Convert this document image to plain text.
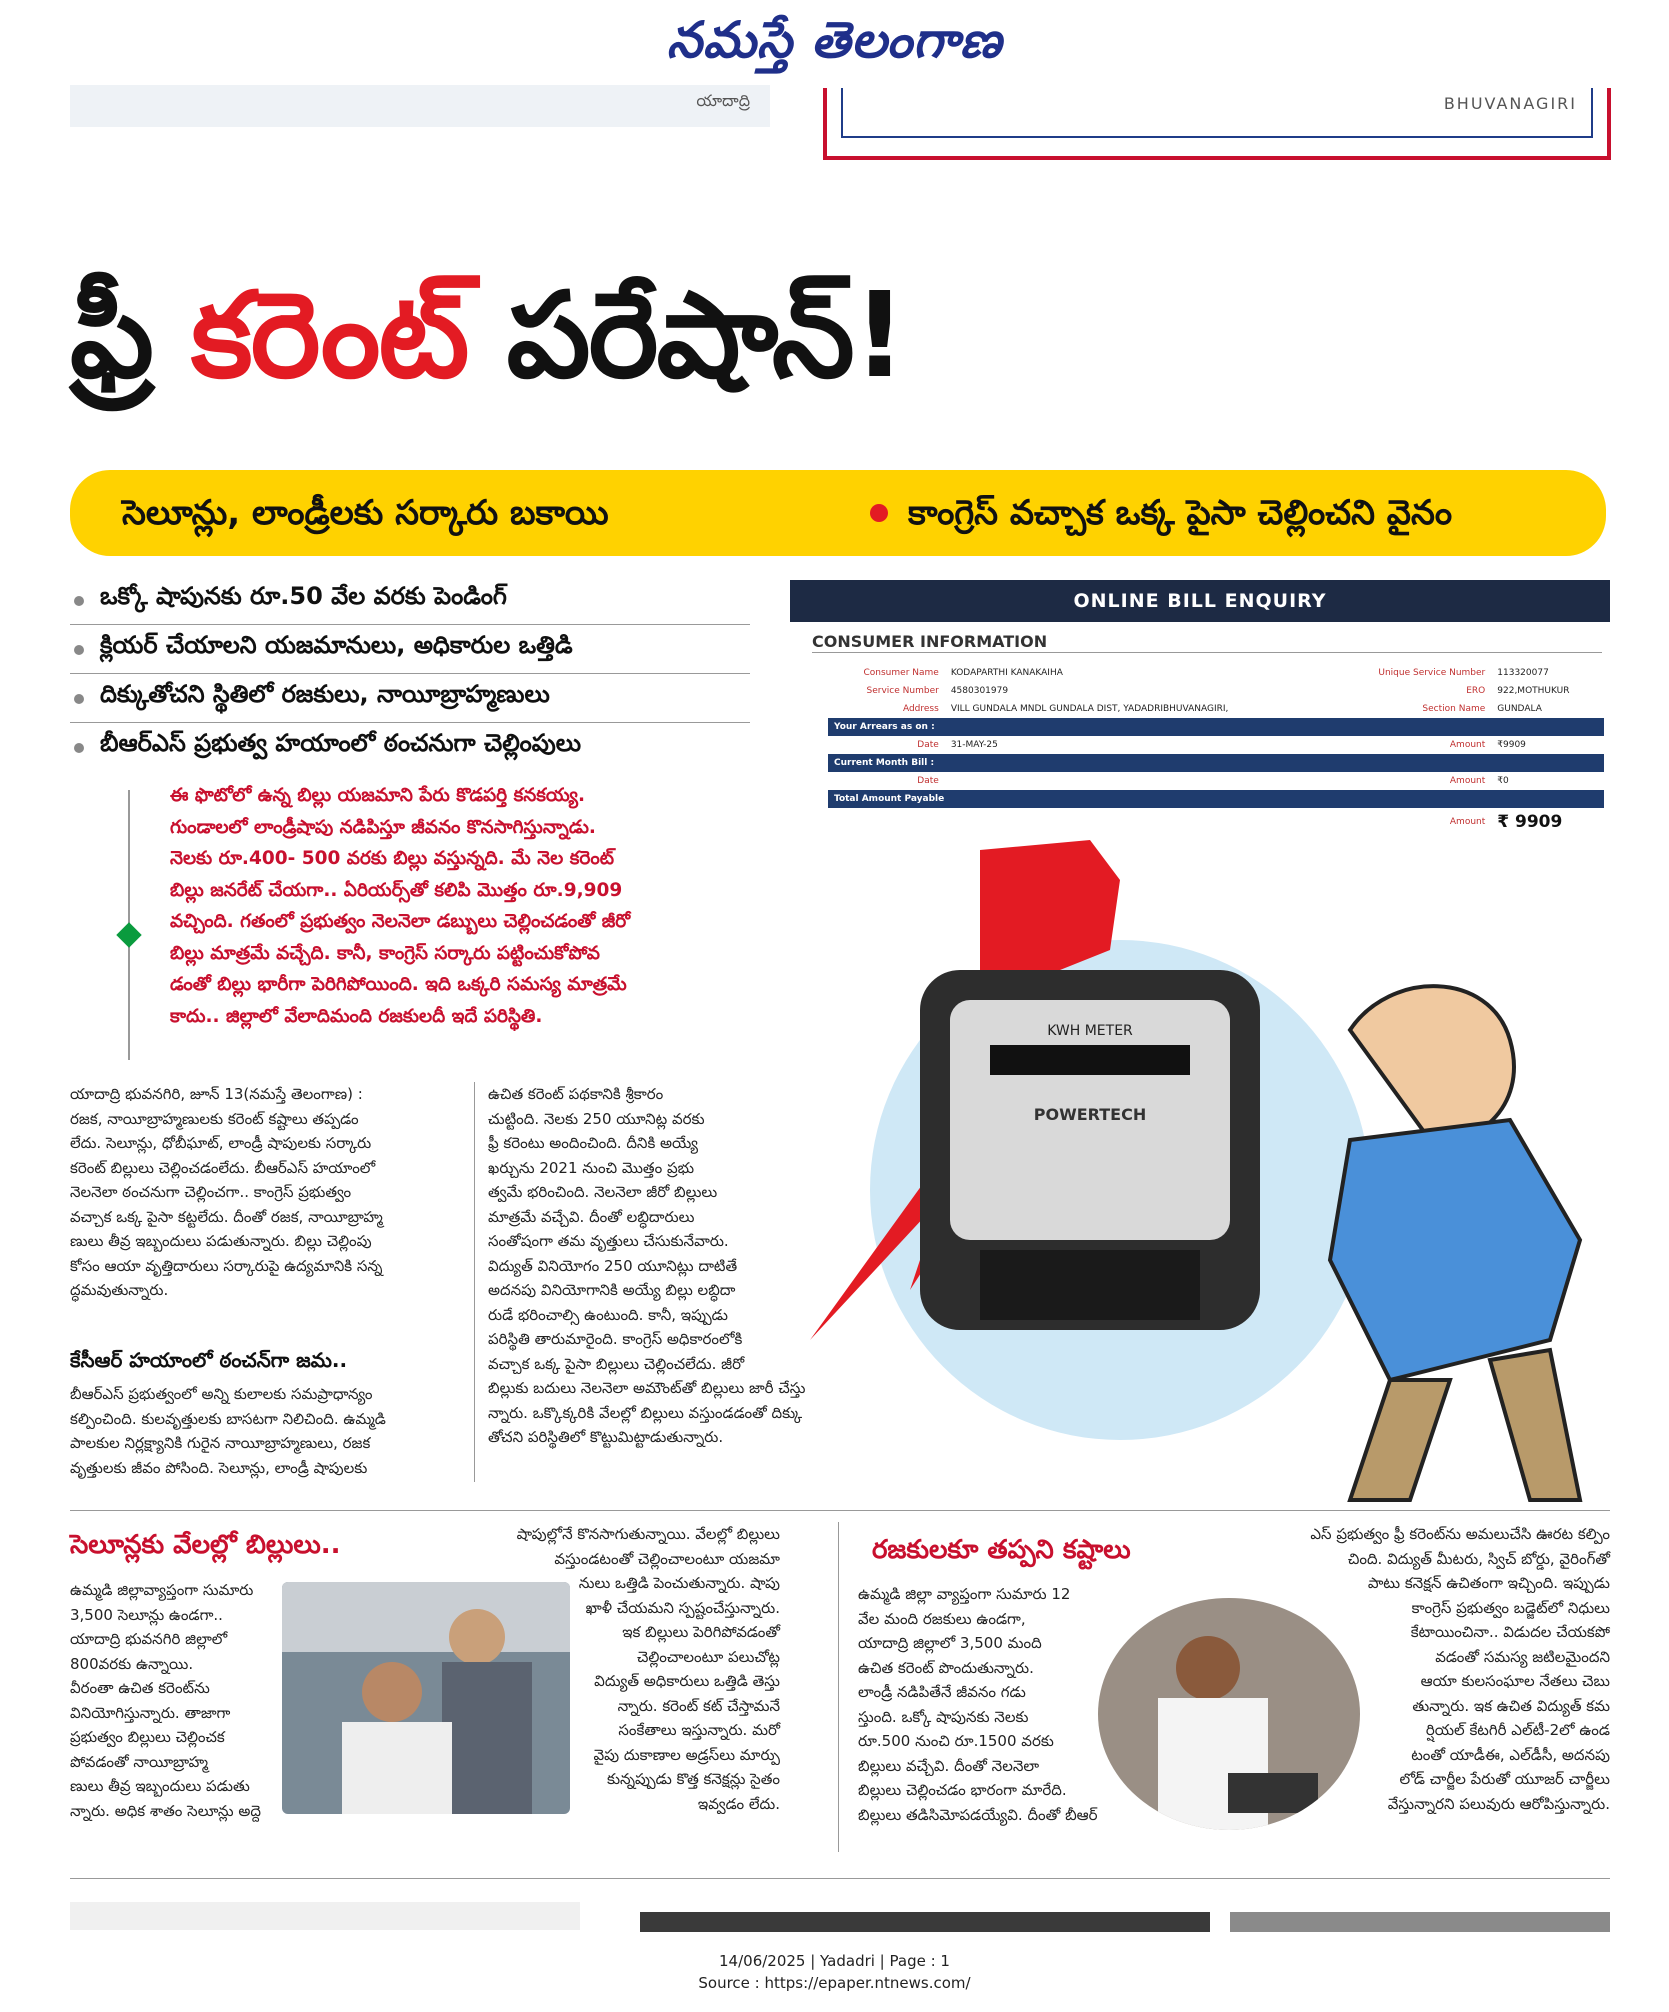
నమస్తే తెలంగాణ
యాదాద్రి	BHUVANAGIRI
ఫ్రీ కరెంట్ పరేషాన్!
సెలూన్లు, లాండ్రీలకు సర్కారు బకాయి	కాంగ్రెస్ వచ్చాక ఒక్క పైసా చెల్లించని వైనం
ఒక్కో షాపునకు రూ.50 వేల వరకు పెండింగ్
క్లియర్ చేయాలని యజమానులు, అధికారుల ఒత్తిడి
దిక్కుతోచని స్థితిలో రజకులు, నాయీబ్రాహ్మణులు
బీఆర్ఎస్ ప్రభుత్వ హయాంలో ఠంచనుగా చెల్లింపులు

ఈ ఫొటోలో ఉన్న బిల్లు యజమాని పేరు కొడపర్తి కనకయ్య.

గుండాలలో లాండ్రీషాపు నడిపిస్తూ జీవనం కొనసాగిస్తున్నాడు.

నెలకు రూ.400- 500 వరకు బిల్లు వస్తున్నది. మే నెల కరెంట్

బిల్లు జనరేట్ చేయగా.. ఏరియర్స్‌తో కలిపి మొత్తం రూ.9,909

వచ్చింది. గతంలో ప్రభుత్వం నెలనెలా డబ్బులు చెల్లించడంతో జీరో

బిల్లు మాత్రమే వచ్చేది. కానీ, కాంగ్రెస్ సర్కారు పట్టించుకోపోవ

డంతో బిల్లు భారీగా పెరిగిపోయింది. ఇది ఒక్కరి సమస్య మాత్రమే

కాదు.. జిల్లాలో వేలాదిమంది రజకులదీ ఇదే పరిస్థితి.

యాదాద్రి భువనగిరి, జూన్ 13(నమస్తే తెలంగాణ) :

రజక, నాయీబ్రాహ్మణులకు కరెంట్ కష్టాలు తప్పడం

లేదు. సెలూన్లు, ధోబీఘాట్, లాండ్రీ షాపులకు సర్కారు

కరెంట్ బిల్లులు చెల్లించడంలేదు. బీఆర్ఎస్ హయాంలో

నెలనెలా ఠంచనుగా చెల్లించగా.. కాంగ్రెస్ ప్రభుత్వం

వచ్చాక ఒక్క పైసా కట్టలేదు. దీంతో రజక, నాయీబ్రాహ్మ

ణులు తీవ్ర ఇబ్బందులు పడుతున్నారు. బిల్లు చెల్లింపు

కోసం ఆయా వృత్తిదారులు సర్కారుపై ఉద్యమానికి సన్న

ద్ధమవుతున్నారు.

కేసీఆర్ హయాంలో ఠంచన్‌గా జమ..

బీఆర్ఎస్ ప్రభుత్వంలో అన్ని కులాలకు సమప్రాధాన్యం

కల్పించింది. కులవృత్తులకు బాసటగా నిలిచింది. ఉమ్మడి

పాలకుల నిర్లక్ష్యానికి గురైన నాయీబ్రాహ్మణులు, రజక

వృత్తులకు జీవం పోసింది. సెలూన్లు, లాండ్రీ షాపులకు

ఉచిత కరెంట్ పథకానికి శ్రీకారం

చుట్టింది. నెలకు 250 యూనిట్ల వరకు

ఫ్రీ కరెంటు అందించింది. దీనికి అయ్యే

ఖర్చును 2021 నుంచి మొత్తం ప్రభు

త్వమే భరించింది. నెలనెలా జీరో బిల్లులు

మాత్రమే వచ్చేవి. దీంతో లబ్ధిదారులు

సంతోషంగా తమ వృత్తులు చేసుకునేవారు.

విద్యుత్ వినియోగం 250 యూనిట్లు దాటితే

అదనపు వినియోగానికి అయ్యే బిల్లు లబ్ధిదా

రుడే భరించాల్సి ఉంటుంది. కానీ, ఇప్పుడు

పరిస్థితి తారుమారైంది. కాంగ్రెస్ అధికారంలోకి

వచ్చాక ఒక్క పైసా బిల్లులు చెల్లించలేదు. జీరో

బిల్లుకు బదులు నెలనెలా అమౌంట్‌తో బిల్లులు జారీ చేస్తు

న్నారు. ఒక్కొక్కరికి వేలల్లో బిల్లులు వస్తుండడంతో దిక్కు

తోచని పరిస్థితిలో కొట్టుమిట్టాడుతున్నారు.

ONLINE BILL ENQUIRY
CONSUMER INFORMATION
Consumer Name	KODAPARTHI KANAKAIHA	Unique Service Number	113320077
Service Number	4580301979	ERO	922,MOTHUKUR
Address	VILL GUNDALA MNDL GUNDALA DIST, YADADRIBHUVANAGIRI,	Section Name	GUNDALA
Your Arrears as on :			
Date	31-MAY-25	Amount	₹9909
Current Month Bill :			
Date		Amount	₹0
Total Amount Payable			
		Amount	₹ 9909
KWH METER
POWERTECH
సెలూన్లకు వేలల్లో బిల్లులు..

ఉమ్మడి జిల్లావ్యాప్తంగా సుమారు

3,500 సెలూన్లు ఉండగా..

యాదాద్రి భువనగిరి జిల్లాలో

800వరకు ఉన్నాయి.

వీరంతా ఉచిత కరెంట్‌ను

వినియోగిస్తున్నారు. తాజాగా

ప్రభుత్వం బిల్లులు చెల్లించక

పోవడంతో నాయీబ్రాహ్మ

ణులు తీవ్ర ఇబ్బందులు పడుతు

న్నారు. అధిక శాతం సెలూన్లు అద్దె

షాపుల్లోనే కొనసాగుతున్నాయి. వేలల్లో బిల్లులు

వస్తుండటంతో చెల్లించాలంటూ యజమా

నులు ఒత్తిడి పెంచుతున్నారు. షాపు

ఖాళీ చేయమని స్పష్టంచేస్తున్నారు.

ఇక బిల్లులు పెరిగిపోవడంతో

చెల్లించాలంటూ పలుచోట్ల

విద్యుత్ అధికారులు ఒత్తిడి తెస్తు

న్నారు. కరెంట్ కట్ చేస్తామనే

సంకేతాలు ఇస్తున్నారు. మరో

వైపు దుకాణాల అడ్రస్‌లు మార్పు

కున్నప్పుడు కొత్త కనెక్షన్లు సైతం

ఇవ్వడం లేదు.

రజకులకూ తప్పని కష్టాలు

ఉమ్మడి జిల్లా వ్యాప్తంగా సుమారు 12

వేల మంది రజకులు ఉండగా,

యాదాద్రి జిల్లాలో 3,500 మంది

ఉచిత కరెంట్ పొందుతున్నారు.

లాండ్రీ నడిపితేనే జీవనం గడు

స్తుంది. ఒక్కో షాపునకు నెలకు

రూ.500 నుంచి రూ.1500 వరకు

బిల్లులు వచ్చేవి. దీంతో నెలనెలా

బిల్లులు చెల్లించడం భారంగా మారేది.

బిల్లులు తడిసిమోపడయ్యేవి. దీంతో బీఆర్

ఎస్ ప్రభుత్వం ఫ్రీ కరెంట్‌ను అమలుచేసి ఊరట కల్పిం

చింది. విద్యుత్ మీటరు, స్విచ్ బోర్డు, వైరింగ్‌తో

పాటు కనెక్షన్ ఉచితంగా ఇచ్చింది. ఇప్పుడు

కాంగ్రెస్ ప్రభుత్వం బడ్జెట్‌లో నిధులు

కేటాయించినా.. విడుదల చేయకపో

వడంతో సమస్య జటిలమైందని

ఆయా కులసంఘాల నేతలు చెబు

తున్నారు. ఇక ఉచిత విద్యుత్ కమ

ర్షియల్ కేటగిరీ ఎల్‌టీ-2లో ఉండ

టంతో యాడీఈ, ఎల్‌డీసీ, అదనపు

లోడ్ చార్జీల పేరుతో యూజర్ చార్జీలు

వేస్తున్నారని పలువురు ఆరోపిస్తున్నారు.

14/06/2025 | Yadadri | Page : 1

Source : https://epaper.ntnews.com/
